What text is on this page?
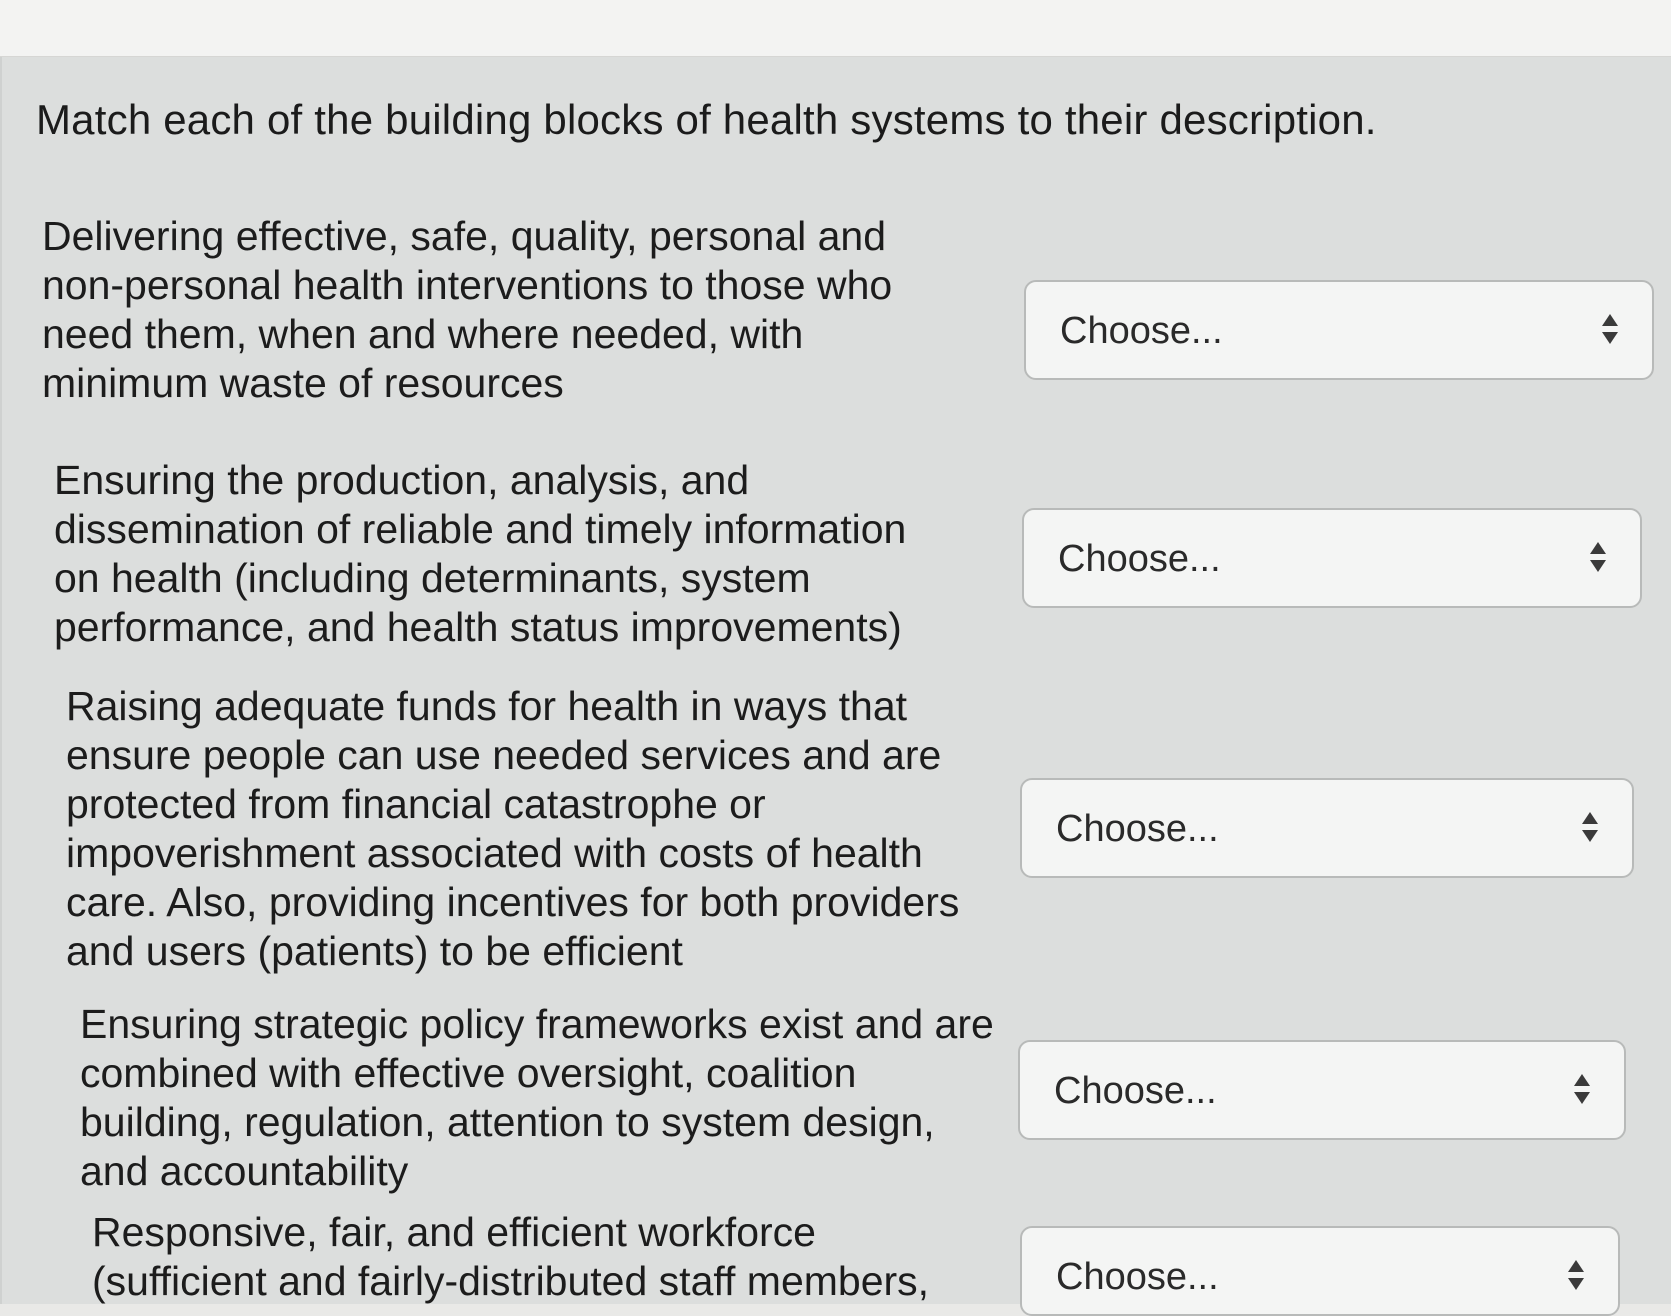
Match each of the building blocks of health systems to their description.
Delivering effective, safe, quality, personal and non-personal health interventions to those who need them, when and where needed, with minimum waste of resources
Choose...
Ensuring the production, analysis, and dissemination of reliable and timely information on health (including determinants, system performance, and health status improvements)
Choose...
Raising adequate funds for health in ways that ensure people can use needed services and are protected from financial catastrophe or impoverishment associated with costs of health care. Also, providing incentives for both providers and users (patients) to be efficient
Choose...
Ensuring strategic policy frameworks exist and are combined with effective oversight, coalition building, regulation, attention to system design, and accountability
Choose...
Responsive, fair, and efficient workforce (sufficient and fairly-distributed staff members,	Choose...
